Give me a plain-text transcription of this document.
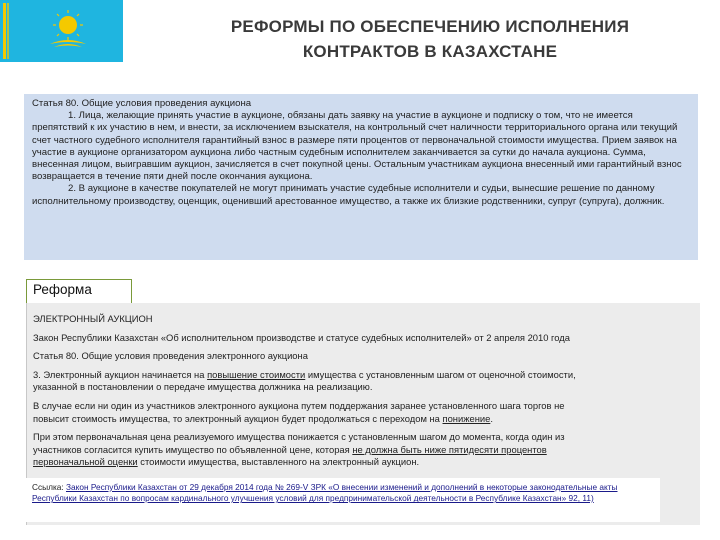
РЕФОРМЫ ПО ОБЕСПЕЧЕНИЮ ИСПОЛНЕНИЯ
КОНТРАКТОВ В КАЗАХСТАНЕ

Статья 80. Общие условия проведения аукциона

1. Лица, желающие принять участие в аукционе, обязаны дать заявку на участие в аукционе и подписку о том, что не имеется препятствий к их участию в нем, и внести, за исключением взыскателя, на контрольный счет наличности территориального органа или текущий счет частного судебного исполнителя гарантийный взнос в размере пяти процентов от первоначальной стоимости имущества. Прием заявок на участие в аукционе организатором аукциона либо частным судебным исполнителем заканчивается за сутки до начала аукциона. Сумма, внесенная лицом, выигравшим аукцион, зачисляется в счет покупной цены. Остальным участникам аукциона внесенный ими гарантийный взнос возвращается в течение пяти дней после окончания аукциона.

2. В аукционе в качестве покупателей не могут принимать участие судебные исполнители и судьи, вынесшие решение по данному исполнительному производству, оценщик, оценивший арестованное имущество, а также их близкие родственники, супруг (супруга), должник.

Реформа
ЭЛЕКТРОННЫЙ АУКЦИОН
Закон Республики Казахстан «Об исполнительном производстве и статусе судебных исполнителей» от 2 апреля 2010 года
Статья 80. Общие условия проведения электронного аукциона
3. Электронный аукцион начинается на повышение стоимости имущества с установленным шагом от оценочной стоимости,
указанной в постановлении о передаче имущества должника на реализацию.
В случае если ни один из участников электронного аукциона путем поддержания заранее установленного шага торгов не
повысит стоимость имущества, то электронный аукцион будет продолжаться с переходом на понижение.
При этом первоначальная цена реализуемого имущества понижается с установленным шагом до момента, когда один из
участников согласится купить имущество по объявленной цене, которая не должна быть ниже пятидесяти процентов
первоначальной оценки стоимости имущества, выставленного на электронный аукцион.
Ссылка: Закон Республики Казахстан от 29 декабря 2014 года № 269-V ЗРК «О внесении изменений и дополнений в некоторые законодательные акты Республики Казахстан по вопросам кардинального улучшения условий для предпринимательской деятельности в Республике Казахстан» 92, 11)
